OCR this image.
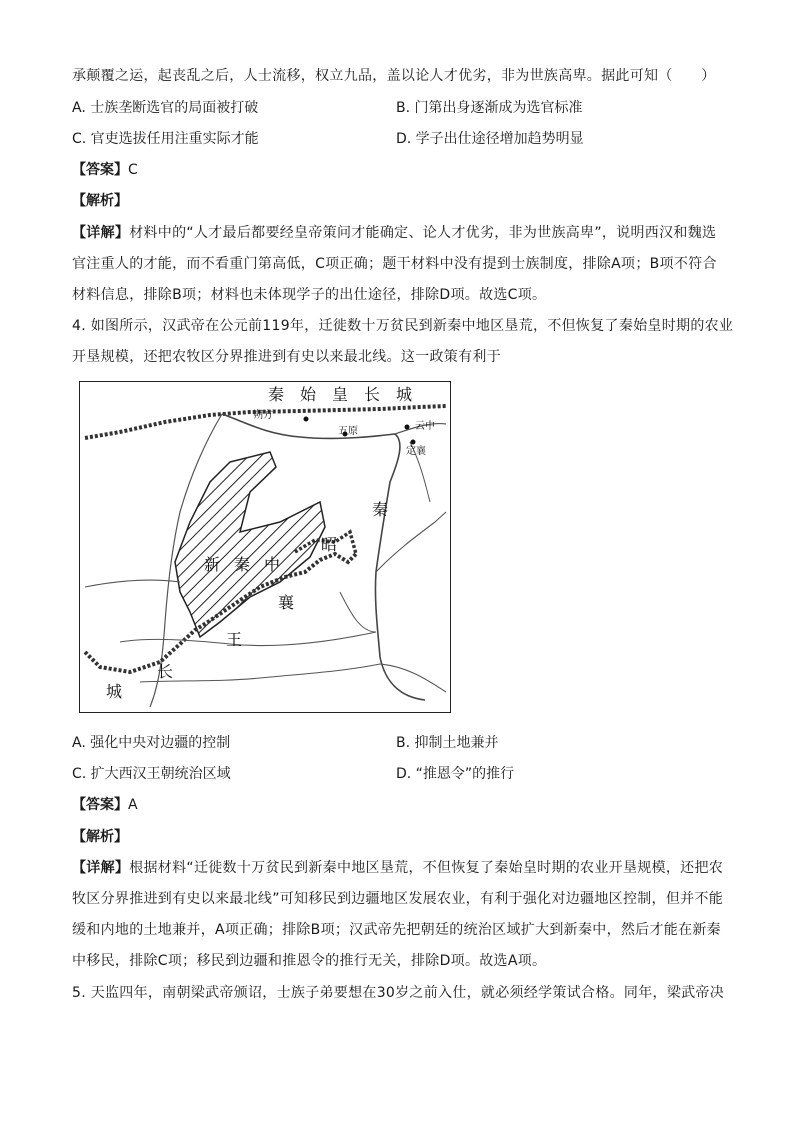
承颠覆之运，起丧乱之后，人士流移，权立九品，盖以论人才优劣，非为世族高卑。据此可知（　　）
A. 士族垄断选官的局面被打破	B. 门第出身逐渐成为选官标准
C. 官吏选拔任用注重实际才能	D. 学子出仕途径增加趋势明显
【答案】C
【解析】
【详解】材料中的“人才最后都要经皇帝策问才能确定、论人才优劣，非为世族高卑”，说明西汉和魏选
官注重人的才能，而不看重门第高低，C项正确；题干材料中没有提到士族制度，排除A项；B项不符合
材料信息，排除B项；材料也未体现学子的出仕途径，排除D项。故选C项。
4. 如图所示，汉武帝在公元前119年，迁徙数十万贫民到新秦中地区垦荒，不但恢复了秦始皇时期的农业
开垦规模，还把农牧区分界推进到有史以来最北线。这一政策有利于
秦　始　皇　长　城
朔方
五原	云中
定襄
新 秦 中
秦
昭
襄
王
长
城
A. 强化中央对边疆的控制	B. 抑制土地兼并
C. 扩大西汉王朝统治区域	D. “推恩令”的推行
【答案】A
【解析】
【详解】根据材料“迁徙数十万贫民到新秦中地区垦荒，不但恢复了秦始皇时期的农业开垦规模，还把农
牧区分界推进到有史以来最北线”可知移民到边疆地区发展农业，有利于强化对边疆地区控制，但并不能
缓和内地的土地兼并，A项正确；排除B项；汉武帝先把朝廷的统治区域扩大到新秦中，然后才能在新秦
中移民，排除C项；移民到边疆和推恩令的推行无关，排除D项。故选A项。
5. 天监四年，南朝梁武帝颁诏，士族子弟要想在30岁之前入仕，就必须经学策试合格。同年，梁武帝决
